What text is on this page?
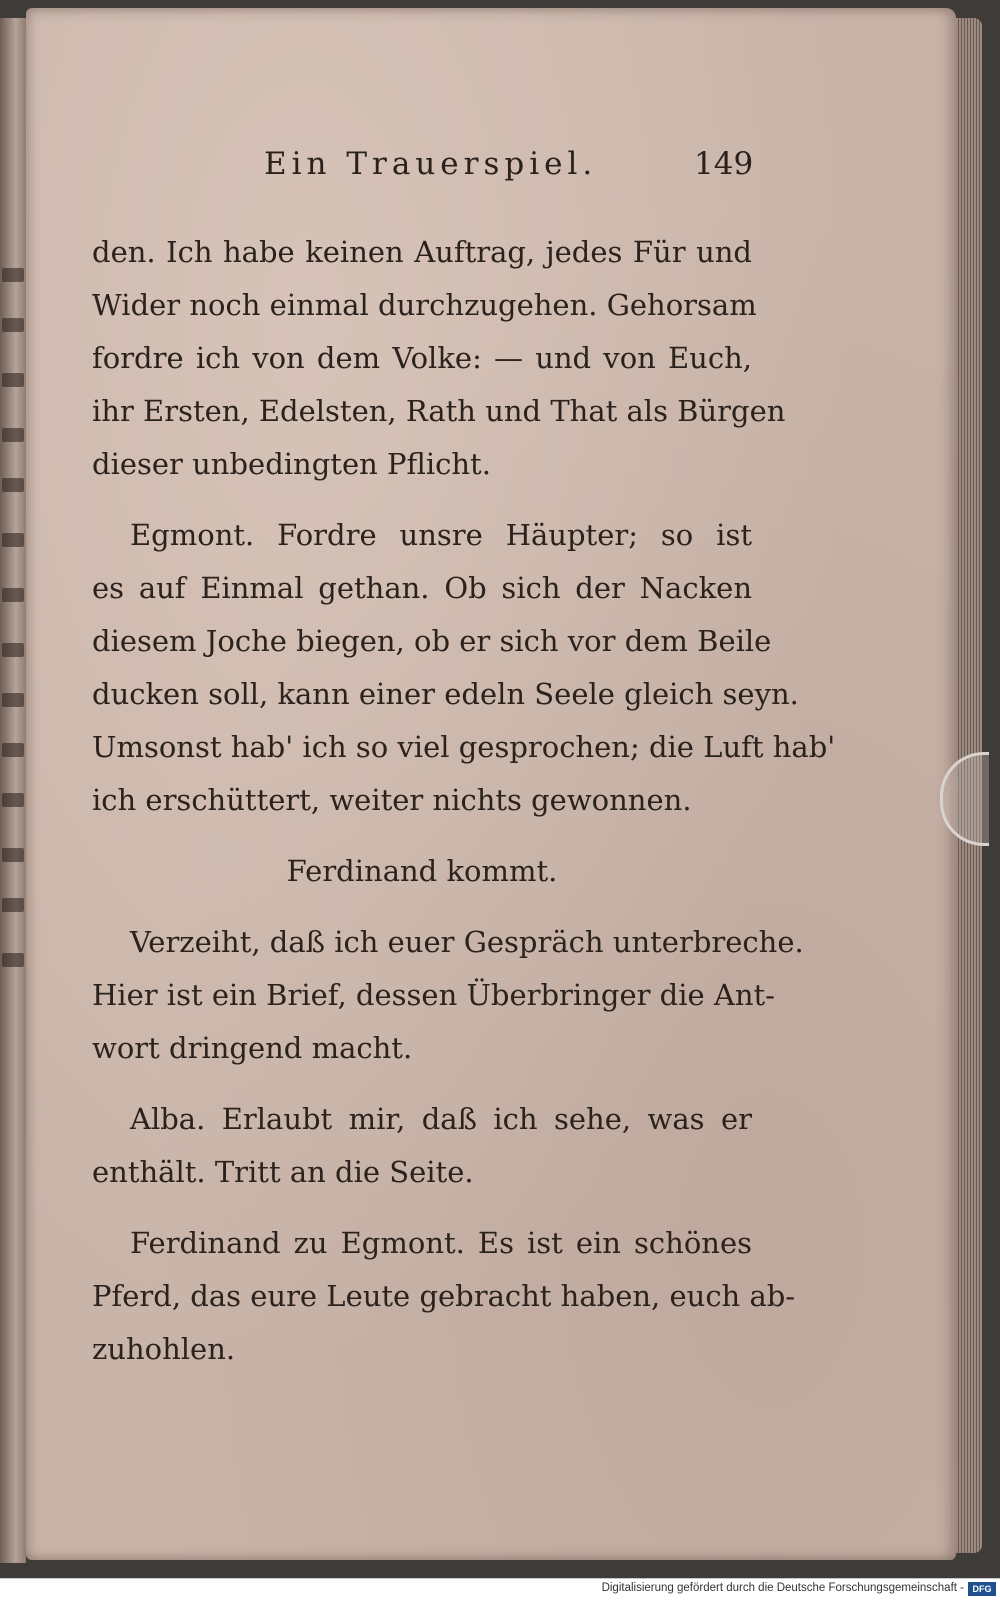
Ein Trauerspiel.	149
den. Ich habe keinen Auftrag, jedes Für und
Wider noch einmal durchzugehen. Gehorsam
fordre ich von dem Volke: — und von Euch,
ihr Ersten, Edelsten, Rath und That als Bürgen
dieser unbedingten Pflicht.
Egmont. Fordre unsre Häupter; so ist
es auf Einmal gethan. Ob sich der Nacken
diesem Joche biegen, ob er sich vor dem Beile
ducken soll, kann einer edeln Seele gleich seyn.
Umsonst hab' ich so viel gesprochen; die Luft hab'
ich erschüttert, weiter nichts gewonnen.
Ferdinand kommt.
Verzeiht, daß ich euer Gespräch unterbreche.
Hier ist ein Brief, dessen Überbringer die Ant-
wort dringend macht.
Alba. Erlaubt mir, daß ich sehe, was er
enthält. Tritt an die Seite.
Ferdinand zu Egmont. Es ist ein schönes
Pferd, das eure Leute gebracht haben, euch ab-
zuhohlen.
Digitalisierung gefördert durch die Deutsche Forschungsgemeinschaft - DFG
